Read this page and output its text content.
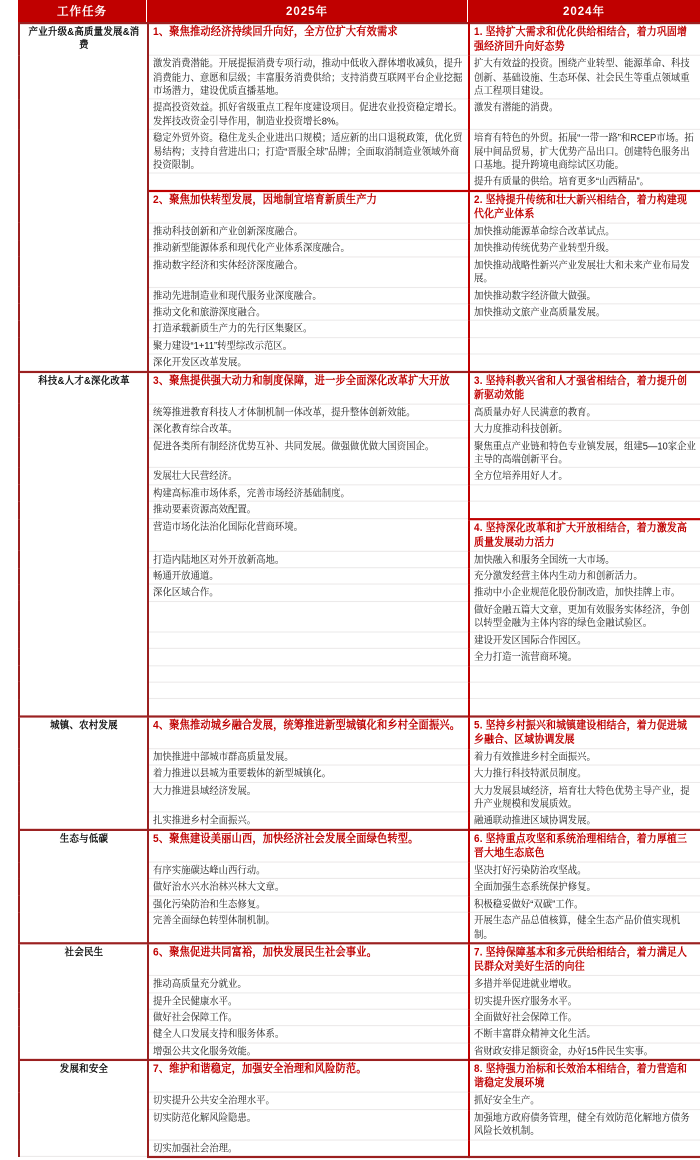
工作任务	2025年	2024年
产业升级&高质量发展&消费	1、聚焦推动经济持续回升向好，全方位扩大有效需求	1. 坚持扩大需求和优化供给相结合，着力巩固增强经济回升向好态势
	激发消费潜能。开展提振消费专项行动，推动中低收入群体增收减负，提升消费能力、意愿和层级；丰富服务消费供给；支持消费互联网平台企业挖掘市场潜力，建设优质直播基地。	扩大有效益的投资。围绕产业转型、能源革命、科技创新、基础设施、生态环保、社会民生等重点领域重点工程项目建设。
	提高投资效益。抓好省级重点工程年度建设项目。促进农业投资稳定增长。发挥技改资金引导作用，制造业投资增长8%。	激发有潜能的消费。
	稳定外贸外资。稳住龙头企业进出口规模；适应新的出口退税政策，优化贸易结构；支持自营进出口；打造“晋服全球”品牌；全面取消制造业领域外商投资限制。	培育有特色的外贸。拓展“一带一路”和RCEP市场。拓展中间品贸易，扩大优势产品出口。创建特色服务出口基地。提升跨境电商综试区功能。
		提升有质量的供给。培育更多“山西精品”。
	2、聚焦加快转型发展，因地制宜培育新质生产力	2. 坚持提升传统和壮大新兴相结合，着力构建现代化产业体系
	推动科技创新和产业创新深度融合。	加快推动能源革命综合改革试点。
	推动新型能源体系和现代化产业体系深度融合。	加快推动传统优势产业转型升级。
	推动数字经济和实体经济深度融合。	加快推动战略性新兴产业发展壮大和未来产业布局发展。
	推动先进制造业和现代服务业深度融合。	加快推动数字经济做大做强。
	推动文化和旅游深度融合。	加快推动文旅产业高质量发展。
	打造承载新质生产力的先行区集聚区。	
	聚力建设“1+11”转型综改示范区。	
	深化开发区改革发展。	
科技&人才&深化改革	3、聚焦提供强大动力和制度保障，进一步全面深化改革扩大开放	3. 坚持科教兴省和人才强省相结合，着力提升创新驱动效能
	统筹推进教育科技人才体制机制一体改革，提升整体创新效能。	高质量办好人民满意的教育。
	深化教育综合改革。	大力度推动科技创新。
	促进各类所有制经济优势互补、共同发展。做强做优做大国资国企。	聚焦重点产业链和特色专业镇发展，组建5—10家企业主导的高端创新平台。
	发展壮大民营经济。	全方位培养用好人才。
	构建高标准市场体系，完善市场经济基础制度。	
	推动要素资源高效配置。	
	营造市场化法治化国际化营商环境。	4. 坚持深化改革和扩大开放相结合，着力激发高质量发展动力活力
	打造内陆地区对外开放新高地。	加快融入和服务全国统一大市场。
	畅通开放通道。	充分激发经营主体内生动力和创新活力。
	深化区域合作。	推动中小企业规范化股份制改造，加快挂牌上市。
		做好金融五篇大文章，更加有效服务实体经济，争创以转型金融为主体内容的绿色金融试验区。
		建设开发区国际合作园区。
		全力打造一流营商环境。

城镇、农村发展	4、聚焦推动城乡融合发展，统筹推进新型城镇化和乡村全面振兴。	5. 坚持乡村振兴和城镇建设相结合，着力促进城乡融合、区域协调发展
	加快推进中部城市群高质量发展。	着力有效推进乡村全面振兴。
	着力推进以县城为重要载体的新型城镇化。	大力推行科技特派员制度。
	大力推进县域经济发展。	大力发展县域经济，培育壮大特色优势主导产业，提升产业规模和发展质效。
	扎实推进乡村全面振兴。	融通联动推进区域协调发展。
生态与低碳	5、聚焦建设美丽山西，加快经济社会发展全面绿色转型。	6. 坚持重点攻坚和系统治理相结合，着力厚植三晋大地生态底色
	有序实施碳达峰山西行动。	坚决打好污染防治攻坚战。
	做好治水兴水治林兴林大文章。	全面加强生态系统保护修复。
	强化污染防治和生态修复。	积极稳妥做好“双碳”工作。
	完善全面绿色转型体制机制。	开展生态产品总值核算，健全生态产品价值实现机制。
社会民生	6、聚焦促进共同富裕，加快发展民生社会事业。	7. 坚持保障基本和多元供给相结合，着力满足人民群众对美好生活的向往
	推动高质量充分就业。	多措并举促进就业增收。
	提升全民健康水平。	切实提升医疗服务水平。
	做好社会保障工作。	全面做好社会保障工作。
	健全人口发展支持和服务体系。	不断丰富群众精神文化生活。
	增强公共文化服务效能。	省财政安排足额资金，办好15件民生实事。
发展和安全	7、维护和谐稳定，加强安全治理和风险防范。	8. 坚持强力治标和长效治本相结合，着力营造和谐稳定发展环境
	切实提升公共安全治理水平。	抓好安全生产。
	切实防范化解风险隐患。	加强地方政府债务管理，健全有效防范化解地方债务风险长效机制。
	切实加强社会治理。	
